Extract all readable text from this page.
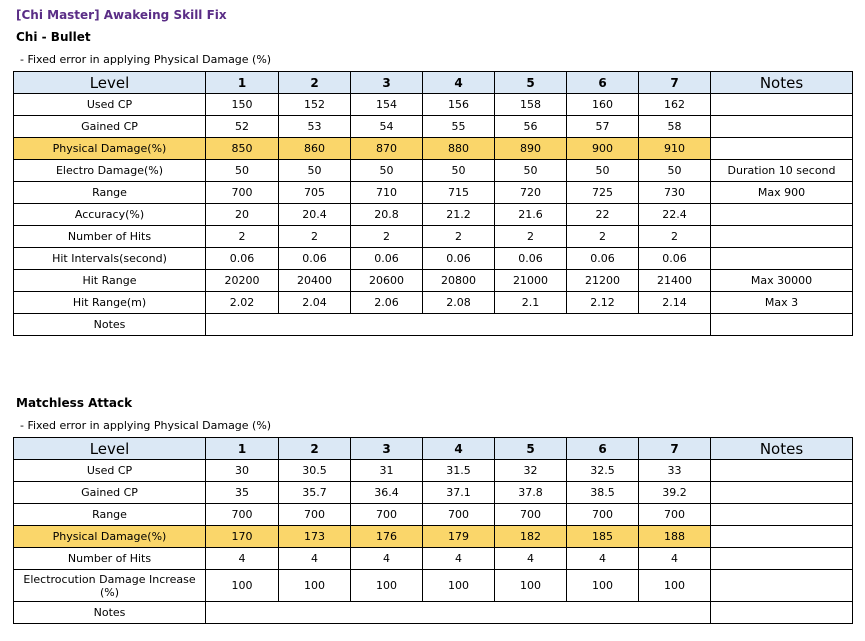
[Chi Master] Awakeing Skill Fix
Chi - Bullet
- Fixed error in applying Physical Damage (%)
Level	1	2	3	4	5	6	7	Notes
Used CP	150	152	154	156	158	160	162	
Gained CP	52	53	54	55	56	57	58	
Physical Damage(%)	850	860	870	880	890	900	910	
Electro Damage(%)	50	50	50	50	50	50	50	Duration 10 second
Range	700	705	710	715	720	725	730	Max 900
Accuracy(%)	20	20.4	20.8	21.2	21.6	22	22.4	
Number of Hits	2	2	2	2	2	2	2	
Hit Intervals(second)	0.06	0.06	0.06	0.06	0.06	0.06	0.06	
Hit Range	20200	20400	20600	20800	21000	21200	21400	Max 30000
Hit Range(m)	2.02	2.04	2.06	2.08	2.1	2.12	2.14	Max 3
Notes								
Matchless Attack
- Fixed error in applying Physical Damage (%)
Level	1	2	3	4	5	6	7	Notes
Used CP	30	30.5	31	31.5	32	32.5	33	
Gained CP	35	35.7	36.4	37.1	37.8	38.5	39.2	
Range	700	700	700	700	700	700	700	
Physical Damage(%)	170	173	176	179	182	185	188	
Number of Hits	4	4	4	4	4	4	4	
Electrocution Damage Increase (%)	100	100	100	100	100	100	100	
Notes								
